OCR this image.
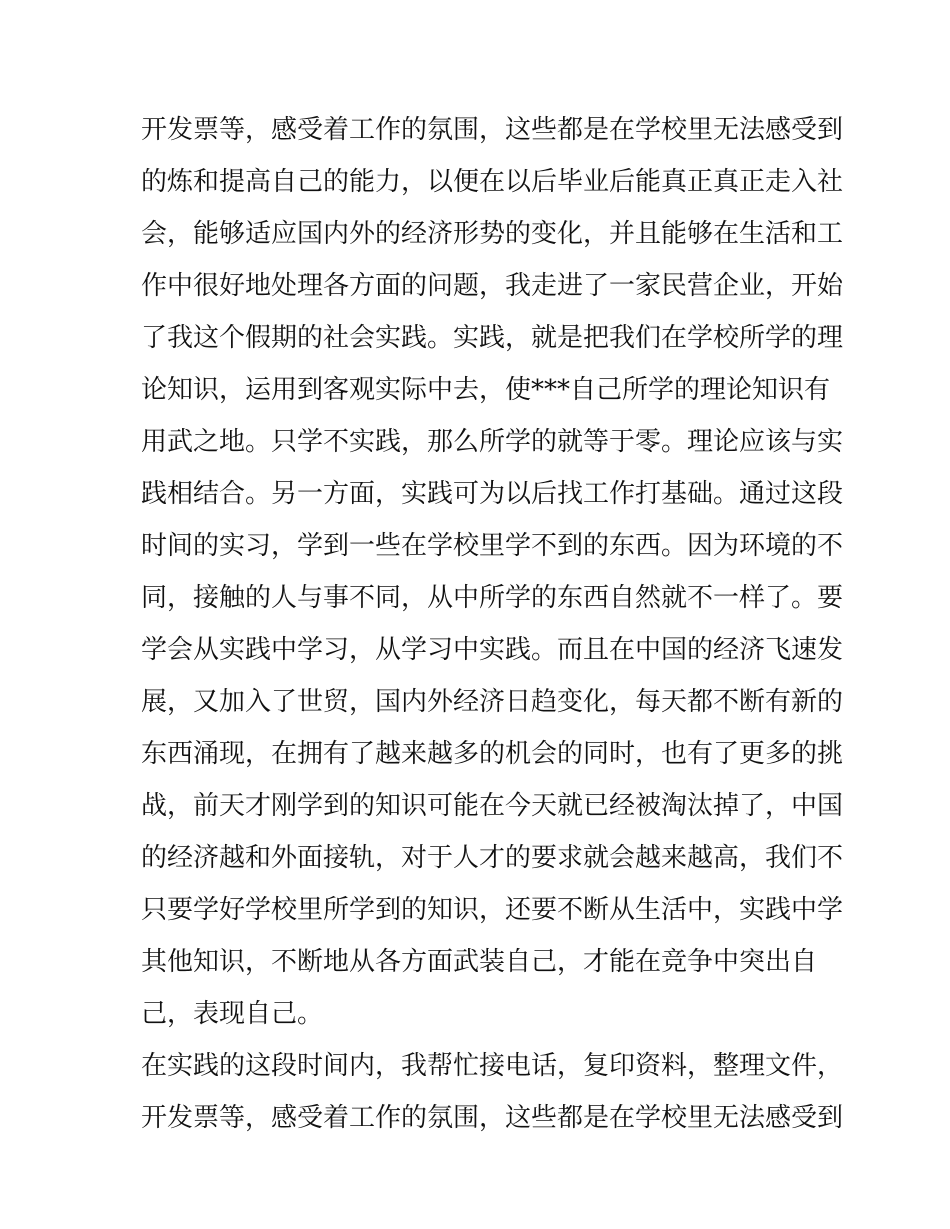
开发票等，感受着工作的氛围，这些都是在学校里无法感受到
的炼和提高自己的能力，以便在以后毕业后能真正真正走入社
会，能够适应国内外的经济形势的变化，并且能够在生活和工
作中很好地处理各方面的问题，我走进了一家民营企业，开始
了我这个假期的社会实践。实践，就是把我们在学校所学的理
论知识，运用到客观实际中去，使***自己所学的理论知识有
用武之地。只学不实践，那么所学的就等于零。理论应该与实
践相结合。另一方面，实践可为以后找工作打基础。通过这段
时间的实习，学到一些在学校里学不到的东西。因为环境的不
同，接触的人与事不同，从中所学的东西自然就不一样了。要
学会从实践中学习，从学习中实践。而且在中国的经济飞速发
展，又加入了世贸，国内外经济日趋变化，每天都不断有新的
东西涌现，在拥有了越来越多的机会的同时，也有了更多的挑
战，前天才刚学到的知识可能在今天就已经被淘汰掉了，中国
的经济越和外面接轨，对于人才的要求就会越来越高，我们不
只要学好学校里所学到的知识，还要不断从生活中，实践中学
其他知识，不断地从各方面武装自己，才能在竞争中突出自
己，表现自己。
在实践的这段时间内，我帮忙接电话，复印资料，整理文件，
开发票等，感受着工作的氛围，这些都是在学校里无法感受到
